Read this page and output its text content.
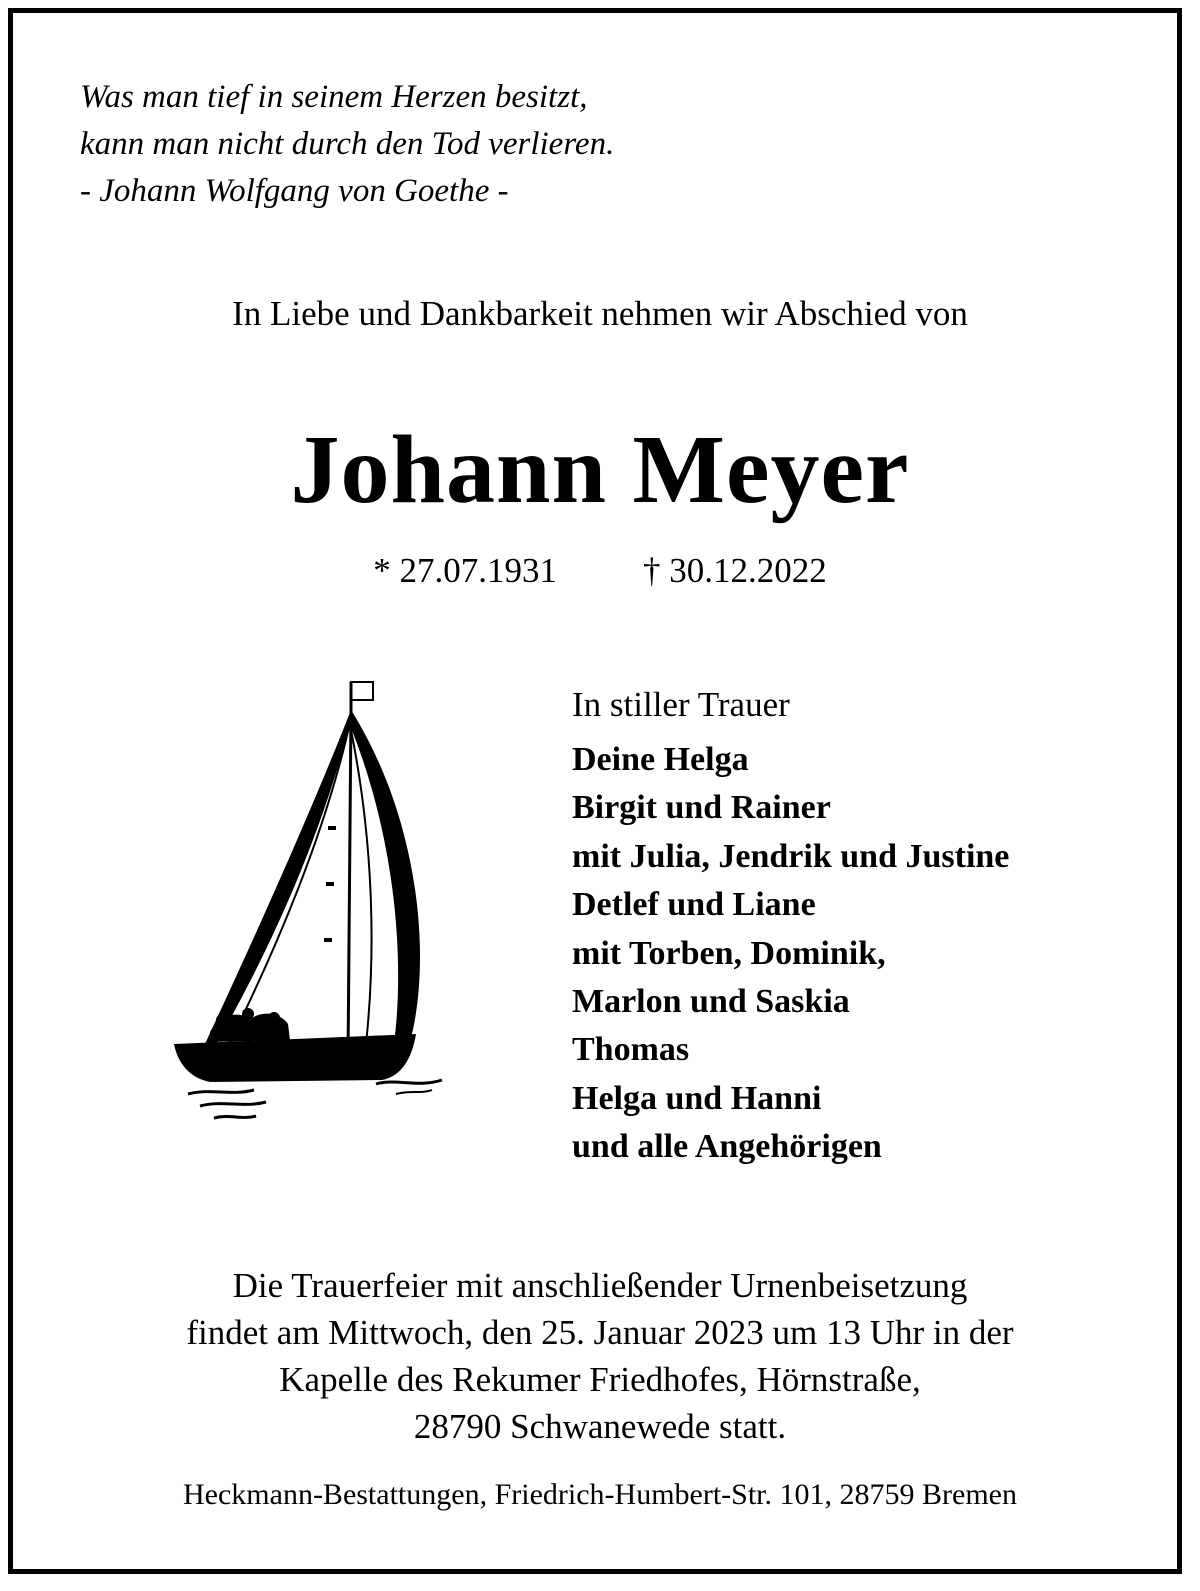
Was man tief in seinem Herzen besitzt,
kann man nicht durch den Tod verlieren.
- Johann Wolfgang von Goethe -
In Liebe und Dankbarkeit nehmen wir Abschied von
Johann Meyer
* 27.07.1931 † 30.12.2022
In stiller Trauer
Deine Helga
Birgit und Rainer
mit Julia, Jendrik und Justine
Detlef und Liane
mit Torben, Dominik,
Marlon und Saskia
Thomas
Helga und Hanni
und alle Angehörigen
Die Trauerfeier mit anschließender Urnenbeisetzung
findet am Mittwoch, den 25. Januar 2023 um 13 Uhr in der
Kapelle des Rekumer Friedhofes, Hörnstraße,
28790 Schwanewede statt.
Heckmann-Bestattungen, Friedrich-Humbert-Str. 101, 28759 Bremen
